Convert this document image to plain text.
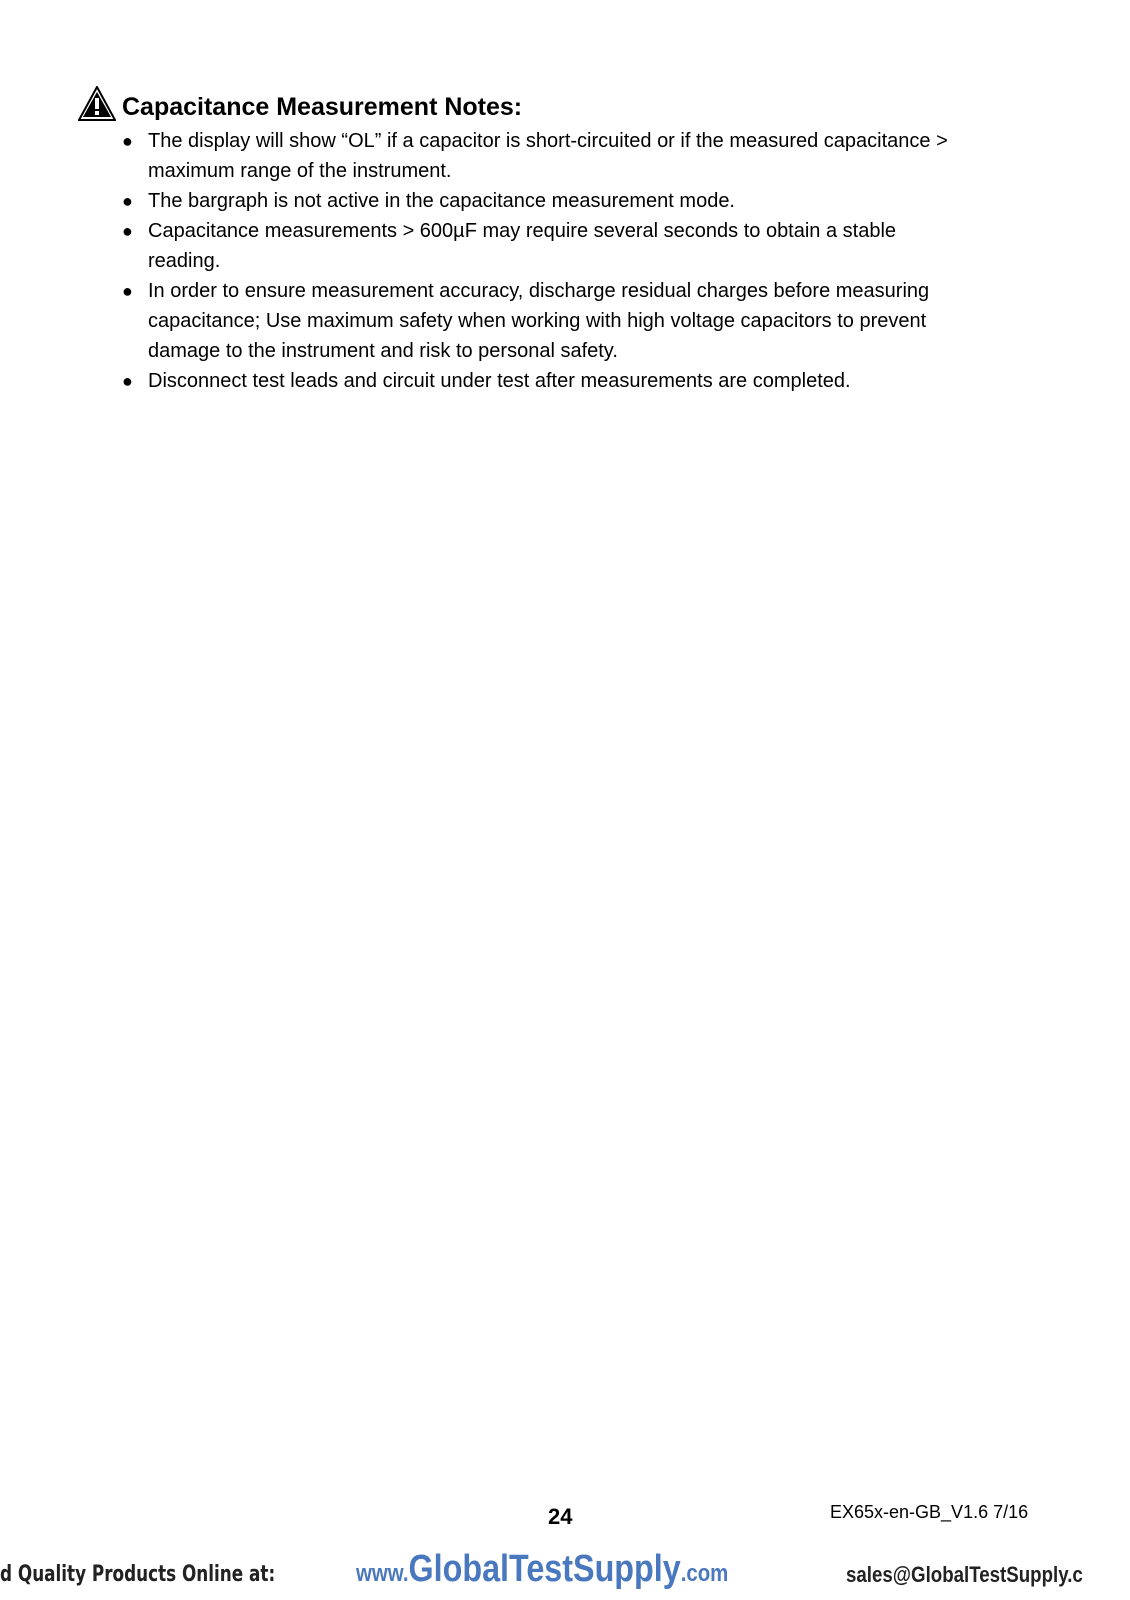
Capacitance Measurement Notes:
● The display will show “OL” if a capacitor is short-circuited or if the measured capacitance >
maximum range of the instrument.
● The bargraph is not active in the capacitance measurement mode.
● Capacitance measurements > 600µF may require several seconds to obtain a stable
reading.
● In order to ensure measurement accuracy, discharge residual charges before measuring
capacitance; Use maximum safety when working with high voltage capacitors to prevent
damage to the instrument and risk to personal safety.
● Disconnect test leads and circuit under test after measurements are completed.
24	EX65x-en-GB_V1.6 7/16
d Quality Products Online at:	www.GlobalTestSupply.com	sales@GlobalTestSupply.c
